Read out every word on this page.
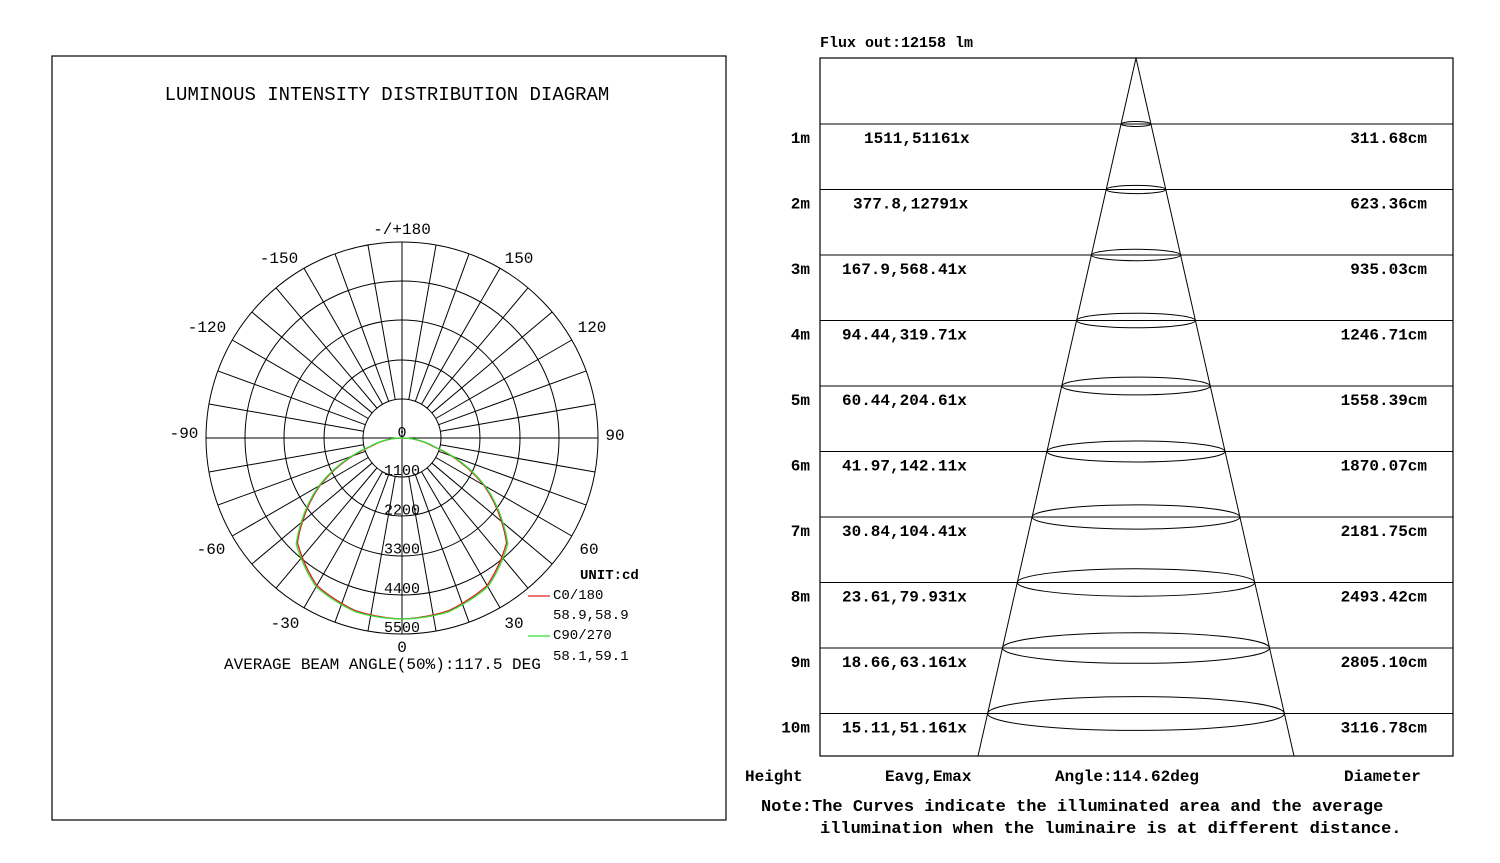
LUMINOUS INTENSITY DISTRIBUTION DIAGRAM
-/+180
150
120
90
60
30
0
-30
-60
-90
-120
-150
0
1100
2200
3300
4400
5500
UNIT:cd
C0/180
58.9,58.9
C90/270
58.1,59.1
AVERAGE BEAM ANGLE(50%):117.5 DEG
Flux out:12158 lm
1m	1511,51161x	311.68cm
2m	377.8,12791x	623.36cm
3m 167.9,568.41x	935.03cm
4m 94.44,319.71x	1246.71cm
5m 60.44,204.61x	1558.39cm
6m 41.97,142.11x	1870.07cm
7m 30.84,104.41x	2181.75cm
8m 23.61,79.931x	2493.42cm
9m 18.66,63.161x	2805.10cm
10m 15.11,51.161x	3116.78cm
Height	Eavg,Emax	Angle:114.62deg	Diameter
Note:The Curves indicate the illuminated area and the average
illumination when the luminaire is at different distance.
